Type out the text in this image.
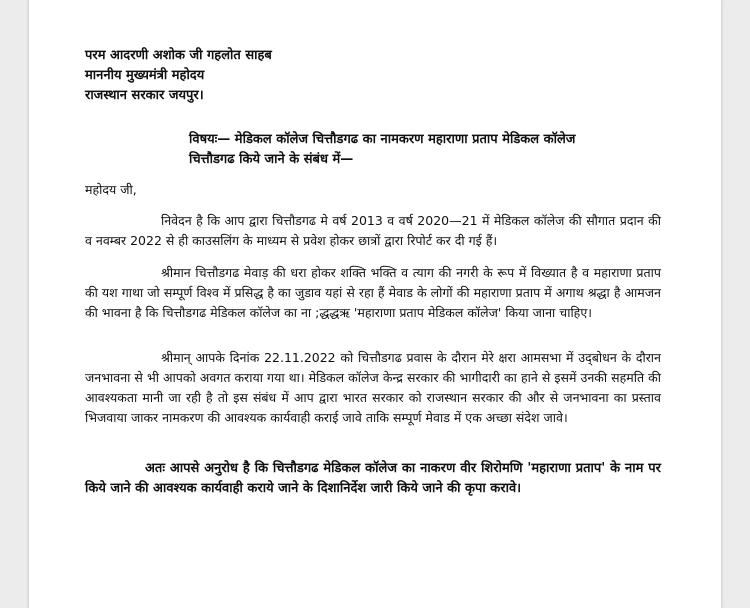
परम आदरणी अशोक जी गहलोत साहब
माननीय मुख्यमंत्री महोदय
राजस्थान सरकार जयपुर।
विषयः— मेडिकल कॉलेज चित्तौडगढ का नामकरण महाराणा प्रताप मेडिकल कॉलेज
चित्तौडगढ किये जाने के संबंध में—
महोदय जी,
निवेदन है कि आप द्वारा चित्तौडगढ मे वर्ष 2013 व वर्ष 2020—21 में मेडिकल कॉलेज की सौगात प्रदान की व नवम्बर 2022 से ही काउसलिंग के माध्यम से प्रवेश होकर छात्रों द्वारा रिपोर्ट कर दी गई हैं।
श्रीमान चित्तौडगढ मेवाड़ की धरा होकर शक्ति भक्ति व त्याग की नगरी के रूप में विख्यात है व महाराणा प्रताप की यश गाथा जो सम्पूर्ण विश्व में प्रसिद्ध है का जुडाव यहां से रहा हैं मेवाड के लोगों की महाराणा प्रताप में अगाथ श्रद्धा है आमजन की भावना है कि चित्तौडगढ मेडिकल कॉलेज का ना ;द्धद्धऋ 'महाराणा प्रताप मेडिकल कॉलेज' किया जाना चाहिए।
श्रीमान् आपके दिनांक 22.11.2022 को चित्तौडगढ प्रवास के दौरान मेरे क्षरा आमसभा में उद्‌बोधन के दौरान जनभावना से भी आपको अवगत कराया गया था। मेडिकल कॉलेज केन्द्र सरकार की भागीदारी का हाने से इसमें उनकी सहमति की आवश्यकता मानी जा रही है तो इस संबंध में आप द्वारा भारत सरकार को राजस्थान सरकार की और से जनभावना का प्रस्ताव भिजवाया जाकर नामकरण की आवश्यक कार्यवाही कराई जावे ताकि सम्पूर्ण मेवाड में एक अच्छा संदेश जावे।
अतः आपसे अनुरोध है कि चित्तौडगढ मेडिकल कॉलेज का नाकरण वीर शिरोमणि 'महाराणा प्रताप' के नाम पर किये जाने की आवश्यक कार्यवाही कराये जाने के दिशानिर्देश जारी किये जाने की कृपा करावे।
